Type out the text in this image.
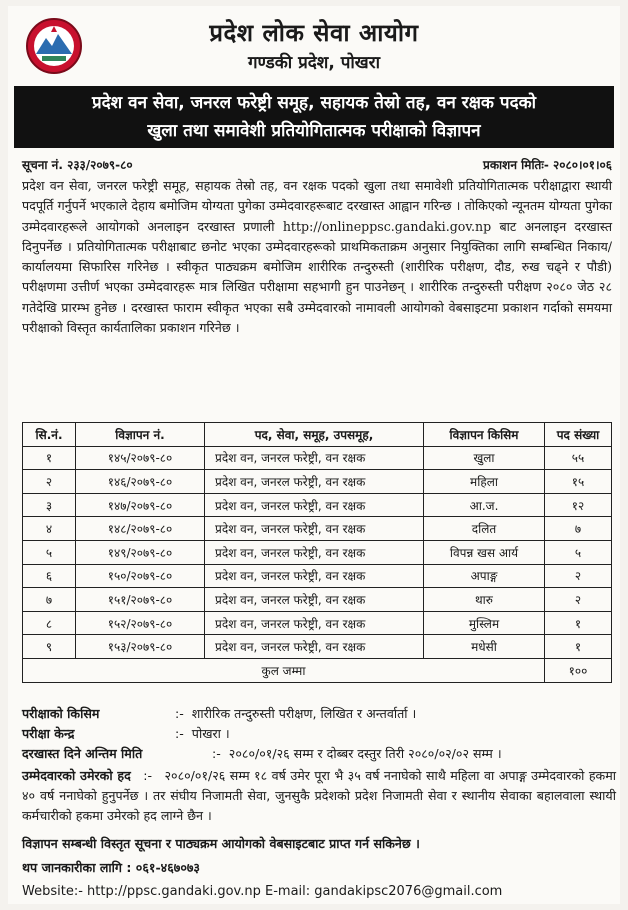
प्रदेश लोक सेवा आयोग
गण्डकी प्रदेश, पोखरा
प्रदेश वन सेवा, जनरल फरेष्ट्री समूह, सहायक तेस्रो तह, वन रक्षक पदको
खुला तथा समावेशी प्रतियोगितात्मक परीक्षाको विज्ञापन
सूचना नं. २३३/२०७९-८०	प्रकाशन मितिः- २०८०।०१।०६
प्रदेश वन सेवा, जनरल फरेष्ट्री समूह, सहायक तेस्रो तह, वन रक्षक पदको खुला तथा समावेशी प्रतियोगितात्मक परीक्षाद्वारा स्थायी पदपूर्ति गर्नुपर्ने भएकाले देहाय बमोजिम योग्यता पुगेका उम्मेदवारहरूबाट दरखास्त आह्वान गरिन्छ । तोकिएको न्यूनतम योग्यता पुगेका उम्मेदवारहरूले आयोगको अनलाइन दरखास्त प्रणाली http://onlineppsc.gandaki.gov.np बाट अनलाइन दरखास्त दिनुपर्नेछ । प्रतियोगितात्मक परीक्षाबाट छनोट भएका उम्मेदवारहरूको प्राथमिकताक्रम अनुसार नियुक्तिका लागि सम्बन्धित निकाय/कार्यालयमा सिफारिस गरिनेछ । स्वीकृत पाठ्यक्रम बमोजिम शारीरिक तन्दुरुस्ती (शारीरिक परीक्षण, दौड, रुख चढ्ने र पौडी) परीक्षणमा उत्तीर्ण भएका उम्मेदवारहरू मात्र लिखित परीक्षामा सहभागी हुन पाउनेछन् । शारीरिक तन्दुरुस्ती परीक्षण २०८० जेठ २८ गतेदेखि प्रारम्भ हुनेछ । दरखास्त फाराम स्वीकृत भएका सबै उम्मेदवारको नामावली आयोगको वेबसाइटमा प्रकाशन गर्दाको समयमा परीक्षाको विस्तृत कार्यतालिका प्रकाशन गरिनेछ ।
सि.नं.	विज्ञापन नं.	पद, सेवा, समूह, उपसमूह,	विज्ञापन किसिम	पद संख्या
१	१४५/२०७९-८०	प्रदेश वन, जनरल फरेष्ट्री, वन रक्षक	खुला	५५
२	१४६/२०७९-८०	प्रदेश वन, जनरल फरेष्ट्री, वन रक्षक	महिला	१५
३	१४७/२०७९-८०	प्रदेश वन, जनरल फरेष्ट्री, वन रक्षक	आ.ज.	१२
४	१४८/२०७९-८०	प्रदेश वन, जनरल फरेष्ट्री, वन रक्षक	दलित	७
५	१४९/२०७९-८०	प्रदेश वन, जनरल फरेष्ट्री, वन रक्षक	विपन्न खस आर्य	५
६	१५०/२०७९-८०	प्रदेश वन, जनरल फरेष्ट्री, वन रक्षक	अपाङ्ग	२
७	१५१/२०७९-८०	प्रदेश वन, जनरल फरेष्ट्री, वन रक्षक	थारु	२
८	१५२/२०७९-८०	प्रदेश वन, जनरल फरेष्ट्री, वन रक्षक	मुस्लिम	१
९	१५३/२०७९-८०	प्रदेश वन, जनरल फरेष्ट्री, वन रक्षक	मधेसी	१
कुल जम्मा				१००
परीक्षाको किसिम	:- शारीरिक तन्दुरुस्ती परीक्षण, लिखित र अन्तर्वार्ता ।
परीक्षा केन्द्र	:- पोखरा ।
दरखास्त दिने अन्तिम मिति	:- २०८०/०१/२६ सम्म र दोब्बर दस्तुर तिरी २०८०/०२/०२ सम्म ।
उम्मेदवारको उमेरको हद :- २०८०/०१/२६ सम्म १८ वर्ष उमेर पूरा भै ३५ वर्ष ननाघेको साथै महिला वा अपाङ्ग उम्मेदवारको हकमा ४० वर्ष ननाघेको हुनुपर्नेछ । तर संघीय निजामती सेवा, जुनसुकै प्रदेशको प्रदेश निजामती सेवा र स्थानीय सेवाका बहालवाला स्थायी कर्मचारीको हकमा उमेरको हद लाग्ने छैन ।
विज्ञापन सम्बन्धी विस्तृत सूचना र पाठ्यक्रम आयोगको वेबसाइटबाट प्राप्त गर्न सकिनेछ ।
थप जानकारीका लागि : ०६१-४६७०७३
Website:- http://ppsc.gandaki.gov.np E-mail: gandakipsc2076@gmail.com
